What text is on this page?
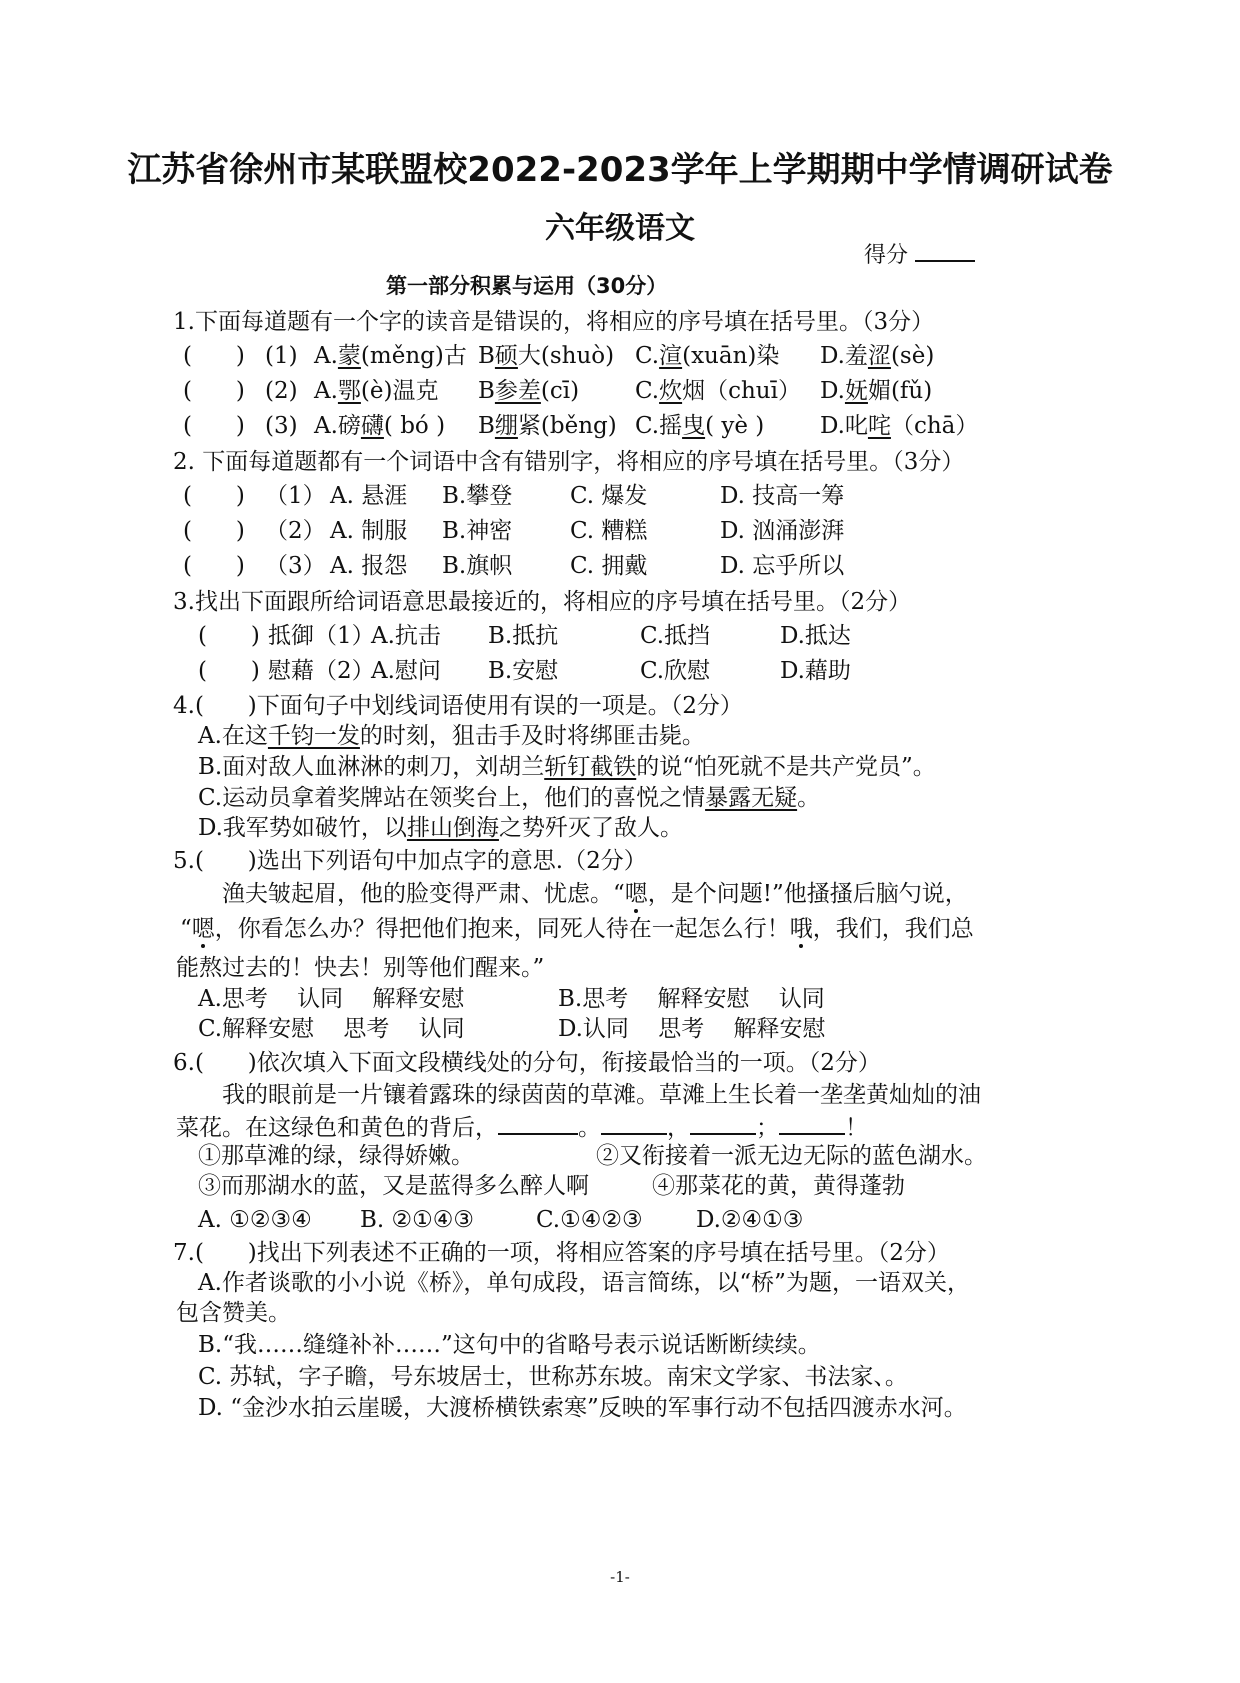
江苏省徐州市某联盟校2022-2023学年上学期期中学情调研试卷
六年级语文
得分
第一部分积累与运用（30分）
1.下面每道题有一个字的读音是错误的，将相应的序号填在括号里。（3分）
(      ) (1) A.蒙(měng)古 B硕大(shuò) C.渲(xuān)染 D.羞涩(sè)
(      ) (2) A.鄂(è)温克 B参差(cī) C.炊烟（chuī） D.妩媚(fǔ)
(      ) (3) A.磅礴( bó ) B绷紧(běng) C.摇曳( yè ) D.叱咤（chā）
2. 下面每道题都有一个词语中含有错别字，将相应的序号填在括号里。（3分）
(      ) （1） A. 悬涯 B.攀登	C. 爆发	D. 技高一筹
(      ) （2） A. 制服 B.神密	C. 糟糕	D. 汹涌澎湃
(      ) （3） A. 报怨 B.旗帜	C. 拥戴	D. 忘乎所以
3.找出下面跟所给词语意思最接近的，将相应的序号填在括号里。（2分）
(      ) 抵御（1）
A.抗击 B.抵抗	C.抵挡	D.抵达
(      ) 慰藉（2）
A.慰问 B.安慰	C.欣慰	D.藉助
4.(      )下面句子中划线词语使用有误的一项是。（2分）
A.在这千钧一发的时刻，狙击手及时将绑匪击毙。
B.面对敌人血淋淋的刺刀，刘胡兰斩钉截铁的说“怕死就不是共产党员”。
C.运动员拿着奖牌站在领奖台上，他们的喜悦之情暴露无疑。
D.我军势如破竹，以排山倒海之势歼灭了敌人。
5.(      )选出下列语句中加点字的意思.（2分）
渔夫皱起眉，他的脸变得严肃、忧虑。“嗯，是个问题!”他搔搔后脑勺说，
“嗯，你看怎么办？得把他们抱来，同死人待在一起怎么行！哦，我们，我们总
能熬过去的！快去！别等他们醒来。”
A.思考 认同 解释安慰	B.思考 解释安慰 认同
C.解释安慰 思考 认同	D.认同 思考 解释安慰
6.(      )依次填入下面文段横线处的分句，衔接最恰当的一项。（2分）
我的眼前是一片镶着露珠的绿茵茵的草滩。草滩上生长着一垄垄黄灿灿的油
菜花。在这绿色和黄色的背后，	。	，	；	！
①那草滩的绿，绿得娇嫩。	②又衔接着一派无边无际的蓝色湖水。
③而那湖水的蓝，又是蓝得多么醉人啊	④那菜花的黄，黄得蓬勃
A. ①②③④ B. ②①④③	C.①④②③ D.②④①③
7.(      )找出下列表述不正确的一项，将相应答案的序号填在括号里。（2分）
A.作者谈歌的小小说《桥》，单句成段，语言简练，以“桥”为题，一语双关，
包含赞美。
B.“我……缝缝补补……”这句中的省略号表示说话断断续续。
C. 苏轼，字子瞻，号东坡居士，世称苏东坡。南宋文学家、书法家、。
D. “金沙水拍云崖暖，大渡桥横铁索寒”反映的军事行动不包括四渡赤水河。
-1-
